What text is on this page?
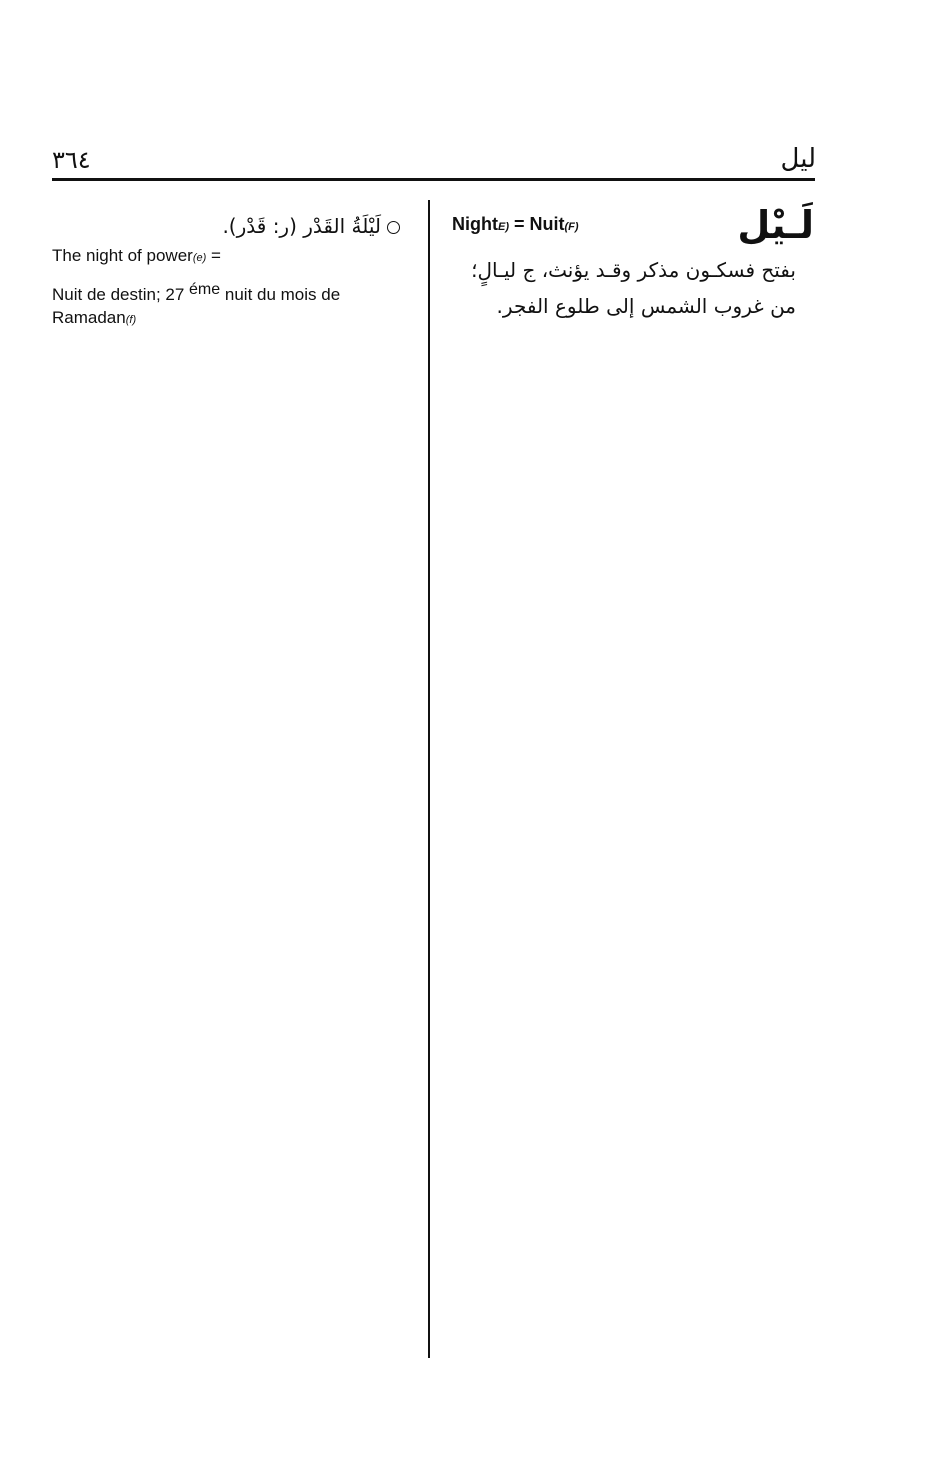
٣٦٤	ليل
لَـيْل
NightE) = Nuit(F)
بفتح فسكـون مذكر وقـد يؤنث، ج ليـالٍ؛ من غروب الشمس إلى طلوع الفجر.
لَيْلَةُ القَدْر (ر: قَدْر).
The night of power(e) =
Nuit de destin; 27 éme nuit du mois de Ramadan(f)
